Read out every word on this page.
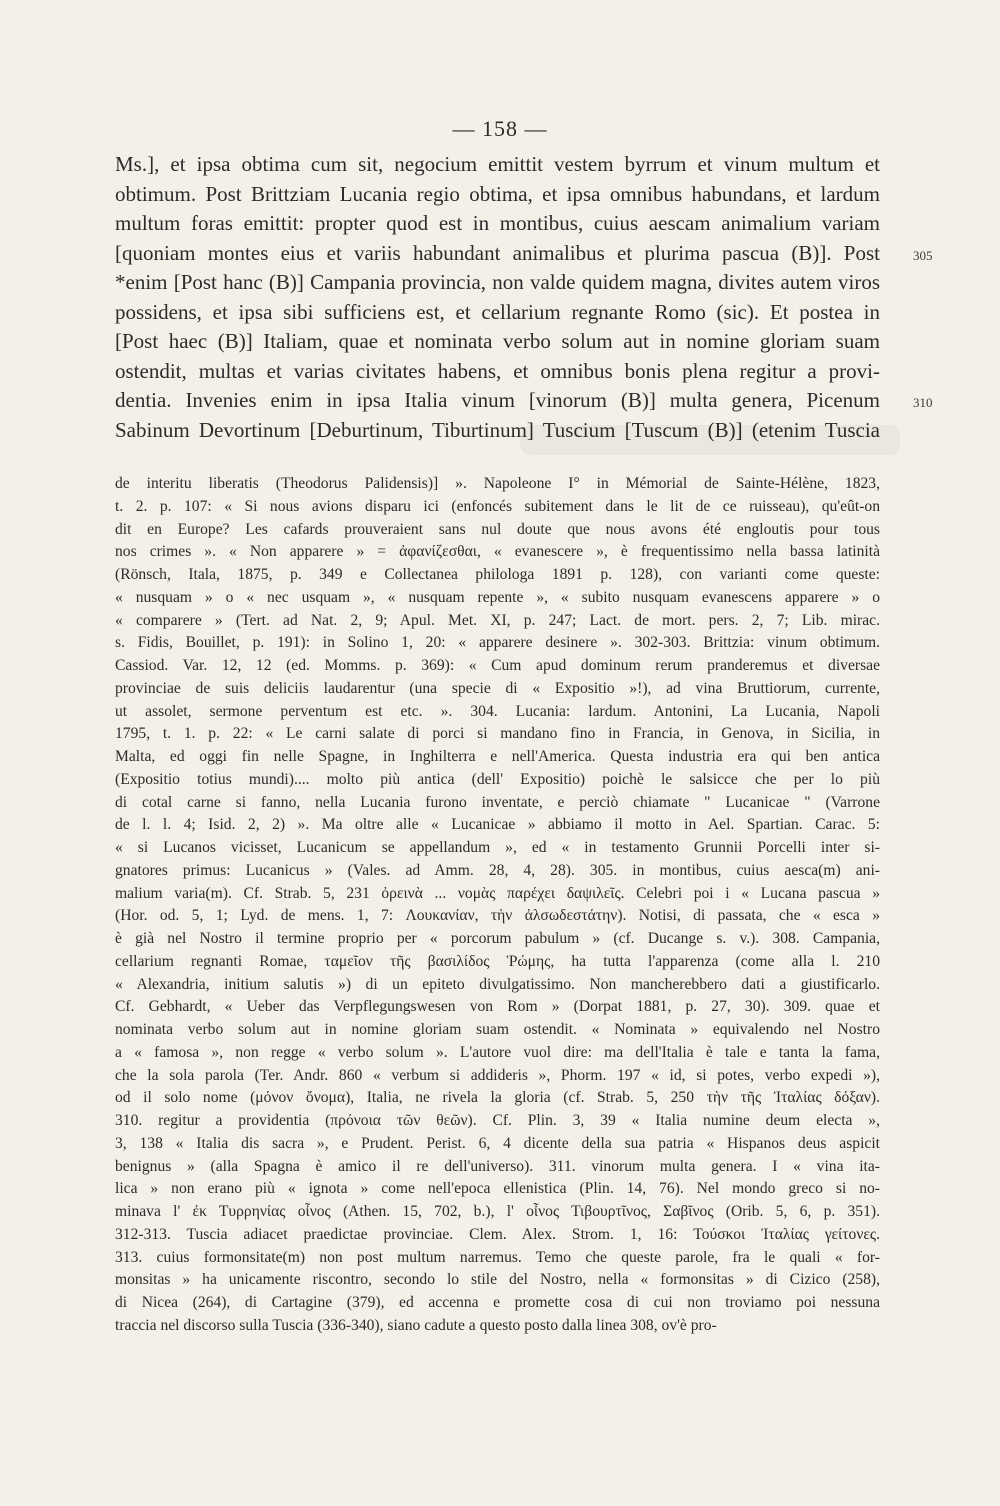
— 158 —
Ms.], et ipsa obtima cum sit, negocium emittit vestem byrrum et vinum multum et
obtimum. Post Brittziam Lucania regio obtima, et ipsa omnibus habundans, et lardum
multum foras emittit: propter quod est in montibus, cuius aescam animalium variam
[quoniam montes eius et variis habundant animalibus et plurima pascua (B)]. Post
*enim [Post hanc (B)] Campania provincia, non valde quidem magna, divites autem viros
possidens, et ipsa sibi sufficiens est, et cellarium regnante Romo (sic). Et postea in
[Post haec (B)] Italiam, quae et nominata verbo solum aut in nomine gloriam suam
ostendit, multas et varias civitates habens, et omnibus bonis plena regitur a provi-
dentia. Invenies enim in ipsa Italia vinum [vinorum (B)] multa genera, Picenum
Sabinum Devortinum [Deburtinum, Tiburtinum] Tuscium [Tuscum (B)] (etenim Tuscia
305
310
de interitu liberatis (Theodorus Palidensis)] ». Napoleone I° in Mémorial de Sainte-Hélène, 1823,
t. 2. p. 107: « Si nous avions disparu ici (enfoncés subitement dans le lit de ce ruisseau), qu'eût-on
dit en Europe? Les cafards prouveraient sans nul doute que nous avons été engloutis pour tous
nos crimes ». « Non apparere » = ἀφανίζεσθαι, « evanescere », è frequentissimo nella bassa latinità
(Rönsch, Itala, 1875, p. 349 e Collectanea philologa 1891 p. 128), con varianti come queste:
« nusquam » o « nec usquam », « nusquam repente », « subito nusquam evanescens apparere » o
« comparere » (Tert. ad Nat. 2, 9; Apul. Met. XI, p. 247; Lact. de mort. pers. 2, 7; Lib. mirac.
s. Fidis, Bouillet, p. 191): in Solino 1, 20: « apparere desinere ». 302-303. Brittzia: vinum obtimum.
Cassiod. Var. 12, 12 (ed. Momms. p. 369): « Cum apud dominum rerum pranderemus et diversae
provinciae de suis deliciis laudarentur (una specie di « Expositio »!), ad vina Bruttiorum, currente,
ut assolet, sermone perventum est etc. ». 304. Lucania: lardum. Antonini, La Lucania, Napoli
1795, t. 1. p. 22: « Le carni salate di porci si mandano fino in Francia, in Genova, in Sicilia, in
Malta, ed oggi fin nelle Spagne, in Inghilterra e nell'America. Questa industria era qui ben antica
(Expositio totius mundi).... molto più antica (dell' Expositio) poichè le salsicce che per lo più
di cotal carne si fanno, nella Lucania furono inventate, e perciò chiamate " Lucanicae " (Varrone
de l. l. 4; Isid. 2, 2) ». Ma oltre alle « Lucanicae » abbiamo il motto in Ael. Spartian. Carac. 5:
« si Lucanos vicisset, Lucanicum se appellandum », ed « in testamento Grunnii Porcelli inter si-
gnatores primus: Lucanicus » (Vales. ad Amm. 28, 4, 28). 305. in montibus, cuius aesca(m) ani-
malium varia(m). Cf. Strab. 5, 231 ὀρεινὰ ... νομὰς παρέχει δαψιλεῖς. Celebri poi i « Lucana pascua »
(Hor. od. 5, 1; Lyd. de mens. 1, 7: Λουκανίαν, τὴν ἀλσωδεστάτην). Notisi, di passata, che « esca »
è già nel Nostro il termine proprio per « porcorum pabulum » (cf. Ducange s. v.). 308. Campania,
cellarium regnanti Romae, ταμεῖον τῆς βασιλίδος Ῥώμης, ha tutta l'apparenza (come alla l. 210
« Alexandria, initium salutis ») di un epiteto divulgatissimo. Non mancherebbero dati a giustificarlo.
Cf. Gebhardt, « Ueber das Verpflegungswesen von Rom » (Dorpat 1881, p. 27, 30). 309. quae et
nominata verbo solum aut in nomine gloriam suam ostendit. « Nominata » equivalendo nel Nostro
a « famosa », non regge « verbo solum ». L'autore vuol dire: ma dell'Italia è tale e tanta la fama,
che la sola parola (Ter. Andr. 860 « verbum si addideris », Phorm. 197 « id, si potes, verbo expedi »),
od il solo nome (μόνον ὄνομα), Italia, ne rivela la gloria (cf. Strab. 5, 250 τὴν τῆς Ἰταλίας δόξαν).
310. regitur a providentia (πρόνοια τῶν θεῶν). Cf. Plin. 3, 39 « Italia numine deum electa »,
3, 138 « Italia dis sacra », e Prudent. Perist. 6, 4 dicente della sua patria « Hispanos deus aspicit
benignus » (alla Spagna è amico il re dell'universo). 311. vinorum multa genera. I « vina ita-
lica » non erano più « ignota » come nell'epoca ellenistica (Plin. 14, 76). Nel mondo greco si no-
minava l' ἐκ Τυρρηνίας οἶνος (Athen. 15, 702, b.), l' οἶνος Τιβουρτῖνος, Σαβῖνος (Orib. 5, 6, p. 351).
312-313. Tuscia adiacet praedictae provinciae. Clem. Alex. Strom. 1, 16: Τούσκοι Ἰταλίας γείτονες.
313. cuius formonsitate(m) non post multum narremus. Temo che queste parole, fra le quali « for-
monsitas » ha unicamente riscontro, secondo lo stile del Nostro, nella « formonsitas » di Cizico (258),
di Nicea (264), di Cartagine (379), ed accenna e promette cosa di cui non troviamo poi nessuna
traccia nel discorso sulla Tuscia (336-340), siano cadute a questo posto dalla linea 308, ov'è pro-
